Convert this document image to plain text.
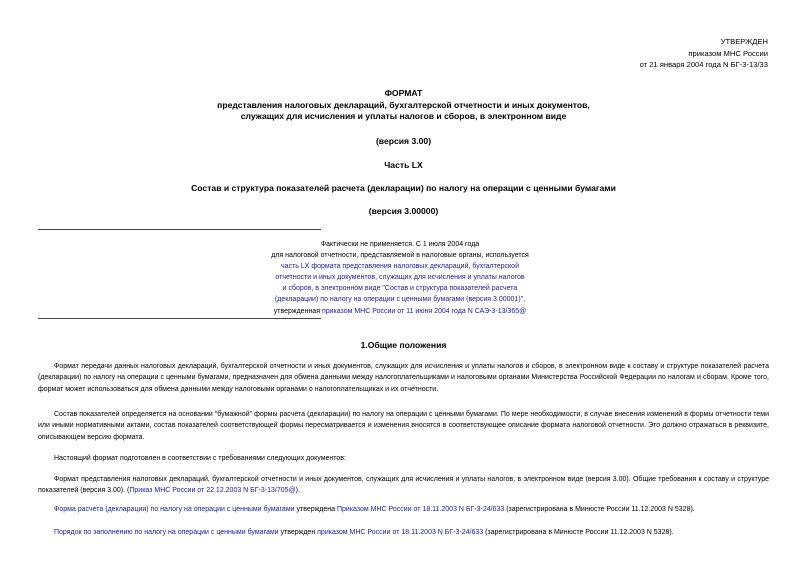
УТВЕРЖДЕН
приказом МНС России
от 21 января 2004 года N БГ-3-13/33
ФОРМАТ
представления налоговых деклараций, бухгалтерской отчетности и иных документов,
служащих для исчисления и уплаты налогов и сборов, в электронном виде
(версия 3.00)
Часть LX
Состав и структура показателей расчета (декларации) по налогу на операции с ценными бумагами
(версия 3.00000)
Фактически не применяется. С 1 июля 2004 года
для налоговой отчетности, представляемой в налоговые органы, используется
часть LX формата представления налоговых деклараций, бухгалтерской
отчетности и иных документов, служащих для исчисления и уплаты налогов
и сборов, в электронном виде "Состав и структура показателей расчета
(декларации) по налогу на операции с ценными бумагами (версия 3.00001)",
утвержденная приказом МНС России от 11 июня 2004 года N САЭ-3-13/365@
1.Общие положения
Формат передачи данных налоговых деклараций, бухгалтерской отчетности и иных документов, служащих для исчисления и уплаты налогов и сборов, в электронном виде к составу и структуре показателей расчета (декларации) по налогу на операции с ценными бумагами, предназначен для обмена данными между налогоплательщиками и налоговыми органами Министерства Российской Федерации по налогам и сборам. Кроме того, формат может использоваться для обмена данными между налоговыми органами о налогоплательщиках и их отчетности.
Состав показателей определяется на основании "бумажной" формы расчета (декларации) по налогу на операции с ценными бумагами. По мере необходимости, в случае внесения изменений в формы отчетности теми или иными нормативными актами, состав показателей соответствующей формы пересматривается и изменения вносятся в соответствующее описание формата налоговой отчетности. Это должно отражаться в реквизите, описывающем версию формата.
Настоящий формат подготовлен в соответствии с требованиями следующих документов:
Формат представления налоговых деклараций, бухгалтерской отчетности и иных документов, служащих для исчисления и уплаты налогов, в электронном виде (версия 3.00). Общие требования к составу и структуре показателей (версия 3.00). (Приказ МНС России от 22.12.2003 N БГ-3-13/705@).
Форма расчета (декларации) по налогу на операции с ценными бумагами утверждена Приказом МНС России от 18.11.2003 N БГ-3-24/633 (зарегистрирована в Минюсте России 11.12.2003 N 5328).
Порядок по заполнению по налогу на операции с ценными бумагами утвержден приказом МНС России от 18.11.2003 N БГ-3-24/633 (зарегистрирована в Минюсте России 11.12.2003 N 5328).
